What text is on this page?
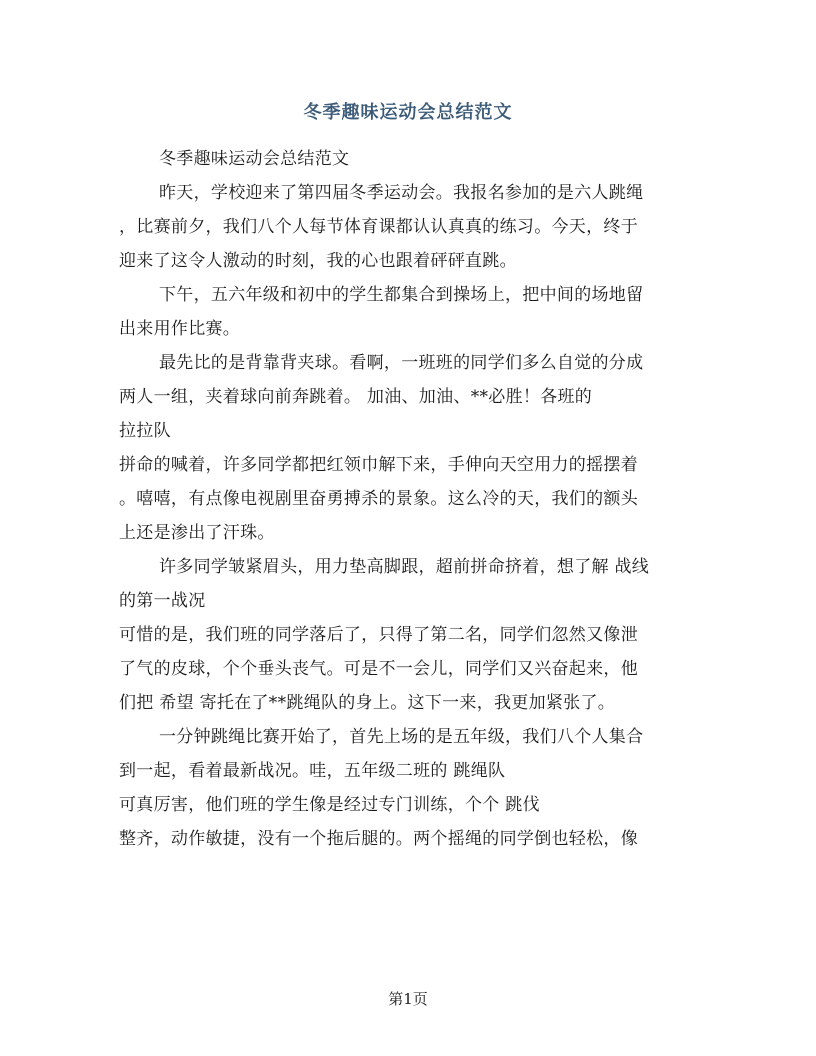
冬季趣味运动会总结范文
冬季趣味运动会总结范文
昨天，学校迎来了第四届冬季运动会。我报名参加的是六人跳绳
，比赛前夕，我们八个人每节体育课都认认真真的练习。今天，终于
迎来了这令人激动的时刻，我的心也跟着砰砰直跳。
下午，五六年级和初中的学生都集合到操场上，把中间的场地留
出来用作比赛。
最先比的是背靠背夹球。看啊，一班班的同学们多么自觉的分成
两人一组，夹着球向前奔跳着。 加油、加油、**必胜！各班的
拉拉队
拼命的喊着，许多同学都把红领巾解下来，手伸向天空用力的摇摆着
。嘻嘻，有点像电视剧里奋勇搏杀的景象。这么冷的天，我们的额头
上还是渗出了汗珠。
许多同学皱紧眉头，用力垫高脚跟，超前拼命挤着，想了解 战线
的第一战况
可惜的是，我们班的同学落后了，只得了第二名，同学们忽然又像泄
了气的皮球，个个垂头丧气。可是不一会儿，同学们又兴奋起来，他
们把 希望 寄托在了**跳绳队的身上。这下一来，我更加紧张了。
一分钟跳绳比赛开始了，首先上场的是五年级，我们八个人集合
到一起，看着最新战况。哇，五年级二班的 跳绳队
可真厉害，他们班的学生像是经过专门训练，个个 跳伐
整齐，动作敏捷，没有一个拖后腿的。两个摇绳的同学倒也轻松，像
第1页
